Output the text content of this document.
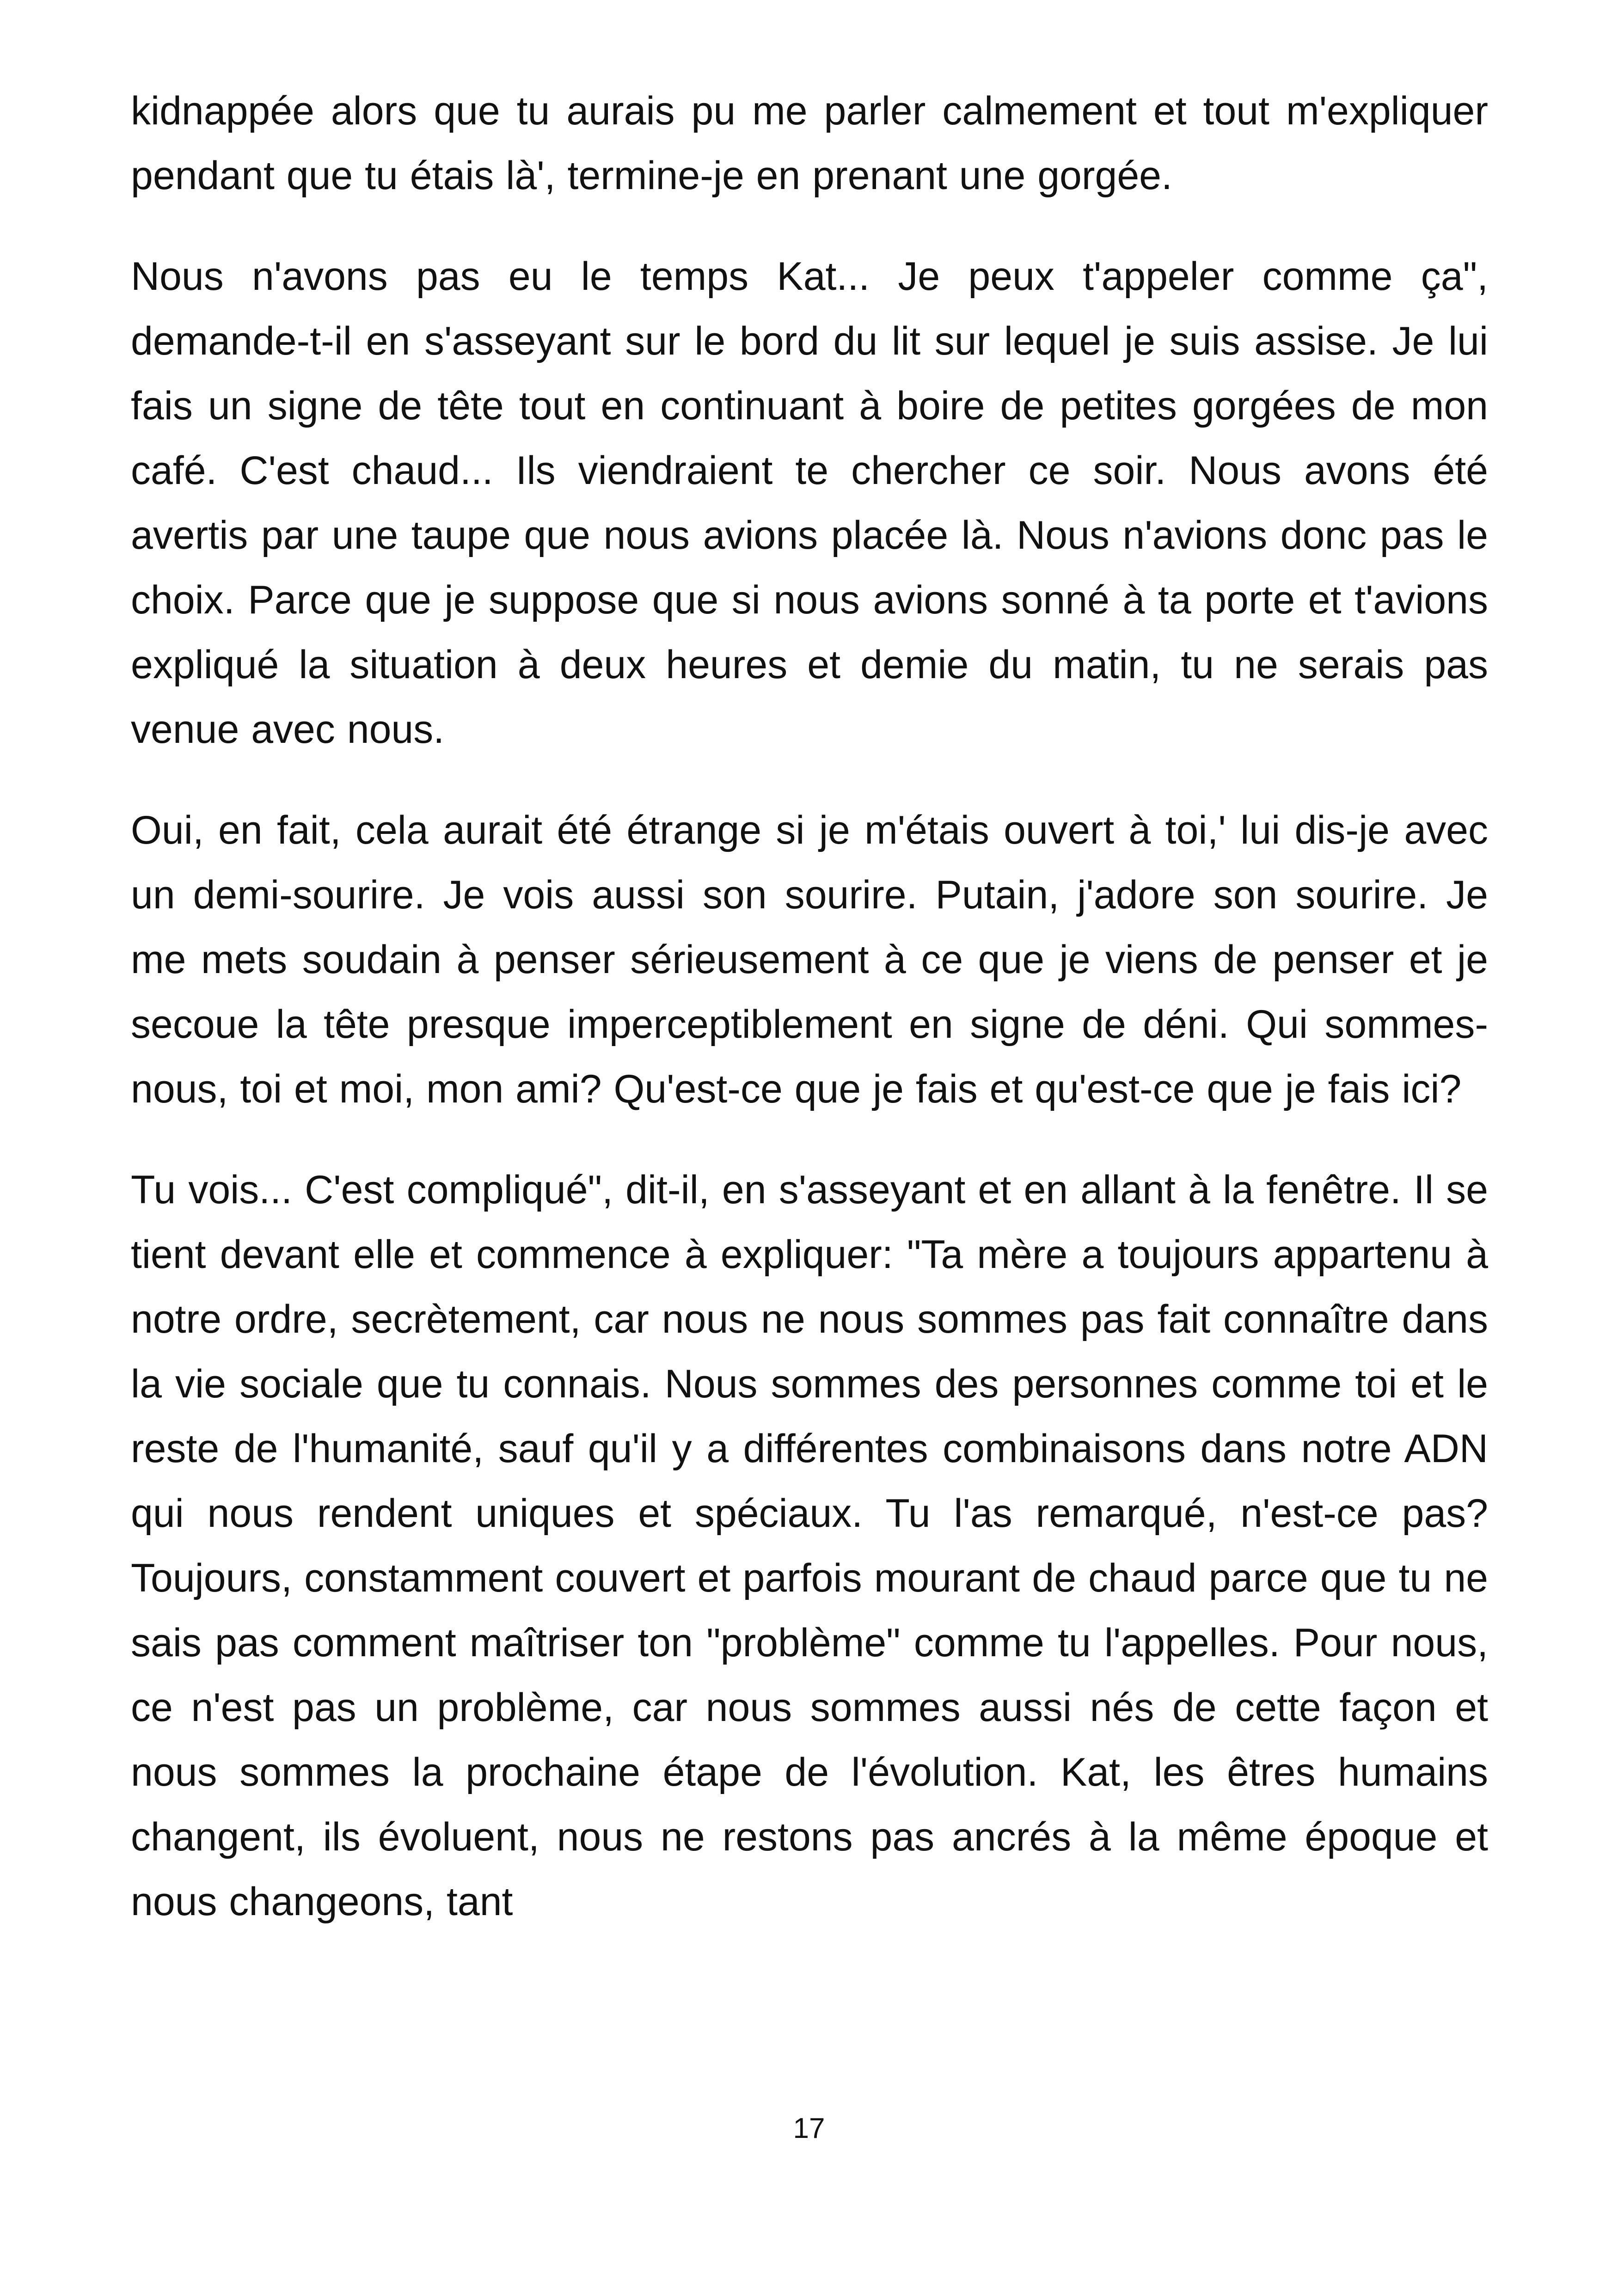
kidnappée alors que tu aurais pu me parler calmement et tout m'expliquer pendant que tu étais là', termine-je en prenant une gorgée.

Nous n'avons pas eu le temps Kat... Je peux t'appeler comme ça", demande-t-il en s'asseyant sur le bord du lit sur lequel je suis assise. Je lui fais un signe de tête tout en continuant à boire de petites gorgées de mon café. C'est chaud... Ils viendraient te chercher ce soir. Nous avons été avertis par une taupe que nous avions placée là. Nous n'avions donc pas le choix. Parce que je suppose que si nous avions sonné à ta porte et t'avions expliqué la situation à deux heures et demie du matin, tu ne serais pas venue avec nous.

Oui, en fait, cela aurait été étrange si je m'étais ouvert à toi,' lui dis-je avec un demi-sourire. Je vois aussi son sourire. Putain, j'adore son sourire. Je me mets soudain à penser sérieusement à ce que je viens de penser et je secoue la tête presque imperceptiblement en signe de déni. Qui sommes-nous, toi et moi, mon ami? Qu'est-ce que je fais et qu'est-ce que je fais ici?

Tu vois... C'est compliqué", dit-il, en s'asseyant et en allant à la fenêtre. Il se tient devant elle et commence à expliquer: "Ta mère a toujours appartenu à notre ordre, secrètement, car nous ne nous sommes pas fait connaître dans la vie sociale que tu connais. Nous sommes des personnes comme toi et le reste de l'humanité, sauf qu'il y a différentes combinaisons dans notre ADN qui nous rendent uniques et spéciaux. Tu l'as remarqué, n'est-ce pas? Toujours, constamment couvert et parfois mourant de chaud parce que tu ne sais pas comment maîtriser ton "problème" comme tu l'appelles. Pour nous, ce n'est pas un problème, car nous sommes aussi nés de cette façon et nous sommes la prochaine étape de l'évolution. Kat, les êtres humains changent, ils évoluent, nous ne restons pas ancrés à la même époque et nous changeons, tant

17
